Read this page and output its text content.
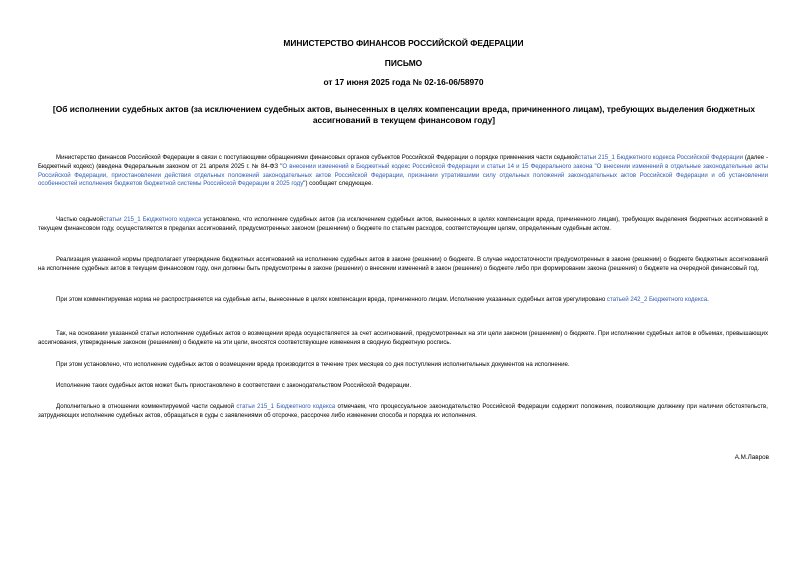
МИНИСТЕРСТВО ФИНАНСОВ РОССИЙСКОЙ ФЕДЕРАЦИИ
ПИСЬМО
от 17 июня 2025 года № 02-16-06/58970
[Об исполнении судебных актов (за исключением судебных актов, вынесенных в целях компенсации вреда, причиненного лицам), требующих выделения бюджетных ассигнований в текущем финансовом году]

Министерство финансов Российской Федерации в связи с поступающими обращениями финансовых органов субъектов Российской Федерации о порядке применения части седьмойстатьи 215_1 Бюджетного кодекса Российской Федерации (далее - Бюджетный кодекс) (введена Федеральным законом от 21 апреля 2025 г. № 84-ФЗ "О внесении изменений в Бюджетный кодекс Российской Федерации и статьи 14 и 15 Федерального закона "О внесении изменений в отдельные законодательные акты Российской Федерации, приостановлении действия отдельных положений законодательных актов Российской Федерации, признании утратившими силу отдельных положений законодательных актов Российской Федерации и об установлении особенностей исполнения бюджетов бюджетной системы Российской Федерации в 2025 году") сообщает следующее.

Частью седьмойстатьи 215_1 Бюджетного кодекса установлено, что исполнение судебных актов (за исключением судебных актов, вынесенных в целях компенсации вреда, причиненного лицам), требующих выделения бюджетных ассигнований в текущем финансовом году, осуществляется в пределах ассигнований, предусмотренных законом (решением) о бюджете по статьям расходов, соответствующим целям, определенным судебным актом.

Реализация указанной нормы предполагает утверждение бюджетных ассигнований на исполнение судебных актов в законе (решении) о бюджете. В случае недостаточности предусмотренных в законе (решении) о бюджете бюджетных ассигнований на исполнение судебных актов в текущем финансовом году, они должны быть предусмотрены в законе (решении) о внесении изменений в закон (решение) о бюджете либо при формировании закона (решения) о бюджете на очередной финансовый год.

При этом комментируемая норма не распространяется на судебные акты, вынесенные в целях компенсации вреда, причиненного лицам. Исполнение указанных судебных актов урегулировано статьей 242_2 Бюджетного кодекса.

Так, на основании указанной статьи исполнение судебных актов о возмещении вреда осуществляется за счет ассигнований, предусмотренных на эти цели законом (решением) о бюджете. При исполнении судебных актов в объемах, превышающих ассигнования, утвержденные законом (решением) о бюджете на эти цели, вносятся соответствующие изменения в сводную бюджетную роспись.

При этом установлено, что исполнение судебных актов о возмещении вреда производится в течение трех месяцев со дня поступления исполнительных документов на исполнение.

Исполнение таких судебных актов может быть приостановлено в соответствии с законодательством Российской Федерации.

Дополнительно в отношении комментируемой части седьмой статьи 215_1 Бюджетного кодекса отмечаем, что процессуальное законодательство Российской Федерации содержит положения, позволяющие должнику при наличии обстоятельств, затрудняющих исполнение судебных актов, обращаться в суды с заявлениями об отсрочке, рассрочке либо изменении способа и порядка их исполнения.

А.М.Лавров
